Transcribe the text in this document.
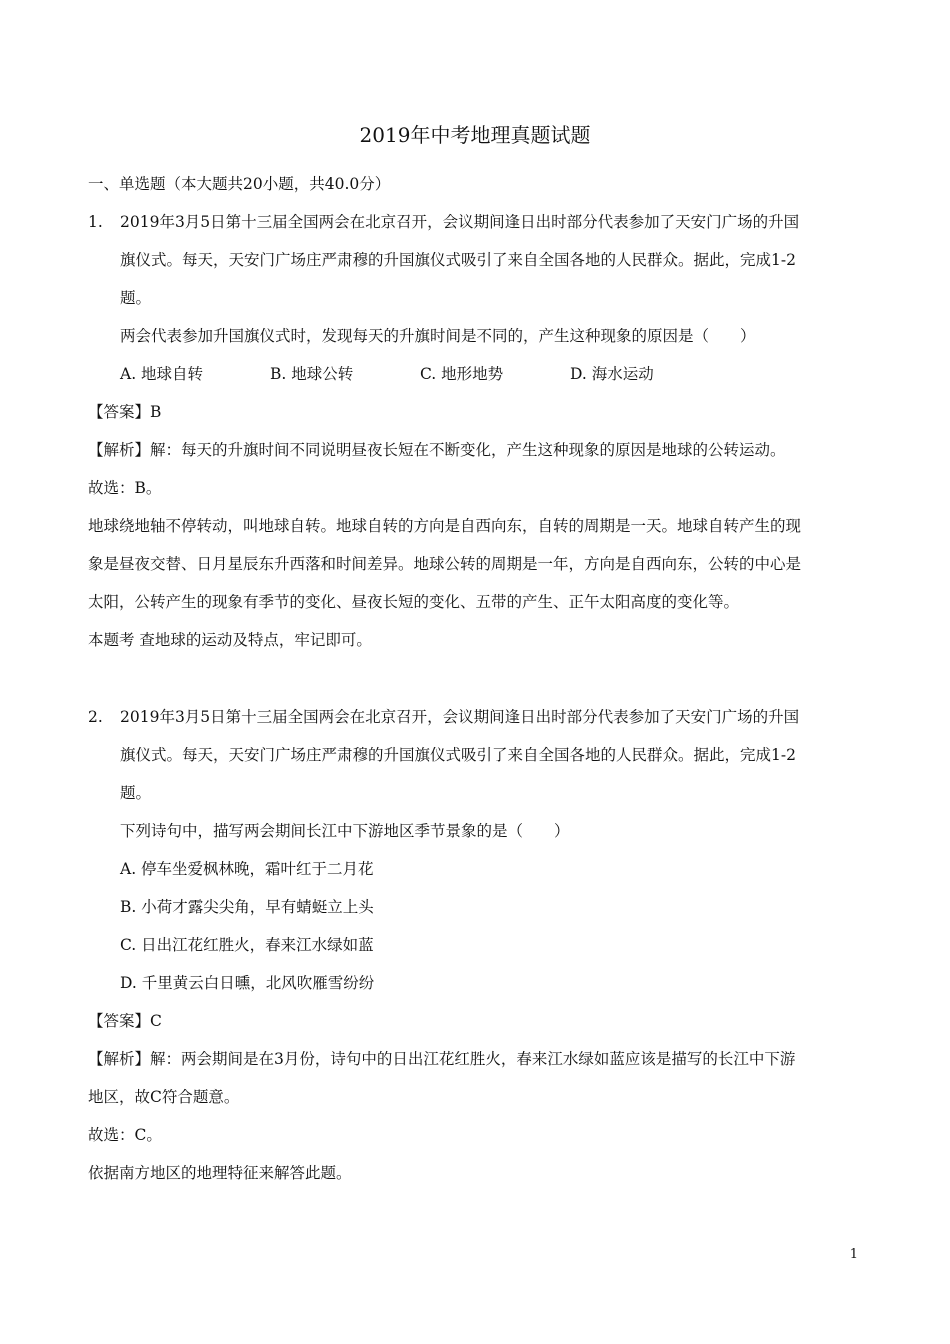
2019年中考地理真题试题
一、单选题（本大题共20小题，共40.0分）
1. 2019年3月5日第十三届全国两会在北京召开，会议期间逢日出时部分代表参加了天安门广场的升国
旗仪式。每天，天安门广场庄严肃穆的升国旗仪式吸引了来自全国各地的人民群众。据此，完成1-2
题。
两会代表参加升国旗仪式时，发现每天的升旗时间是不同的，产生这种现象的原因是（　　）
A. 地球自转	B. 地球公转	C. 地形地势	D. 海水运动
【答案】B
【解析】解：每天的升旗时间不同说明昼夜长短在不断变化，产生这种现象的原因是地球的公转运动。
故选：B。
地球绕地轴不停转动，叫地球自转。地球自转的方向是自西向东，自转的周期是一天。地球自转产生的现
象是昼夜交替、日月星辰东升西落和时间差异。地球公转的周期是一年，方向是自西向东，公转的中心是
太阳，公转产生的现象有季节的变化、昼夜长短的变化、五带的产生、正午太阳高度的变化等。
本题考 查地球的运动及特点，牢记即可。
2. 2019年3月5日第十三届全国两会在北京召开，会议期间逢日出时部分代表参加了天安门广场的升国
旗仪式。每天，天安门广场庄严肃穆的升国旗仪式吸引了来自全国各地的人民群众。据此，完成1-2
题。
下列诗句中，描写两会期间长江中下游地区季节景象的是（　　）
A. 停车坐爱枫林晚，霜叶红于二月花
B. 小荷才露尖尖角，早有蜻蜓立上头
C. 日出江花红胜火，春来江水绿如蓝
D. 千里黄云白日曛，北风吹雁雪纷纷
【答案】C
【解析】解：两会期间是在3月份，诗句中的日出江花红胜火，春来江水绿如蓝应该是描写的长江中下游
地区，故C符合题意。
故选：C。
依据南方地区的地理特征来解答此题。
1
